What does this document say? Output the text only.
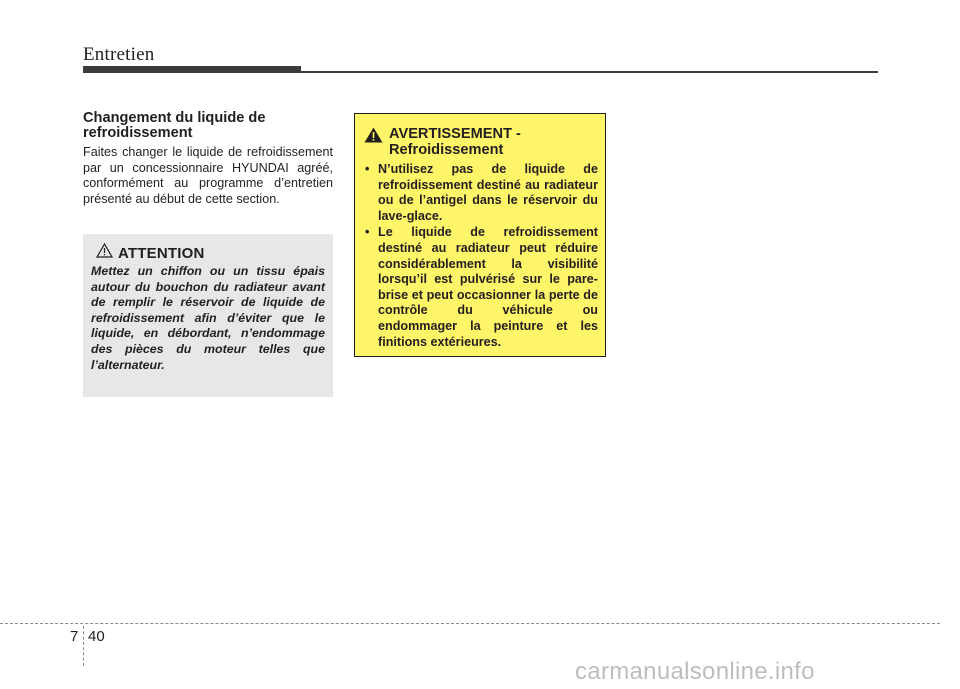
Entretien
Changement du liquide de refroidissement
Faites changer le liquide de refroidissement par un concessionnaire HYUNDAI agréé, conformément au programme d’entretien présenté au début de cette section.
ATTENTION
Mettez un chiffon ou un tissu épais autour du bouchon du radiateur avant de remplir le réservoir de liquide de refroidissement afin d’éviter que le liquide, en débordant, n’endommage des pièces du moteur telles que l’alternateur.
AVERTISSEMENT -
Refroidissement
• N’utilisez pas de liquide de refroidissement destiné au radiateur ou de l’antigel dans le réservoir du lave-glace.
• Le liquide de refroidissement destiné au radiateur peut réduire considérablement la visibilité lorsqu’il est pulvérisé sur le pare-brise et peut occasionner la perte de contrôle du véhicule ou endommager la peinture et les finitions extérieures.
7 40
carmanualsonline.info
